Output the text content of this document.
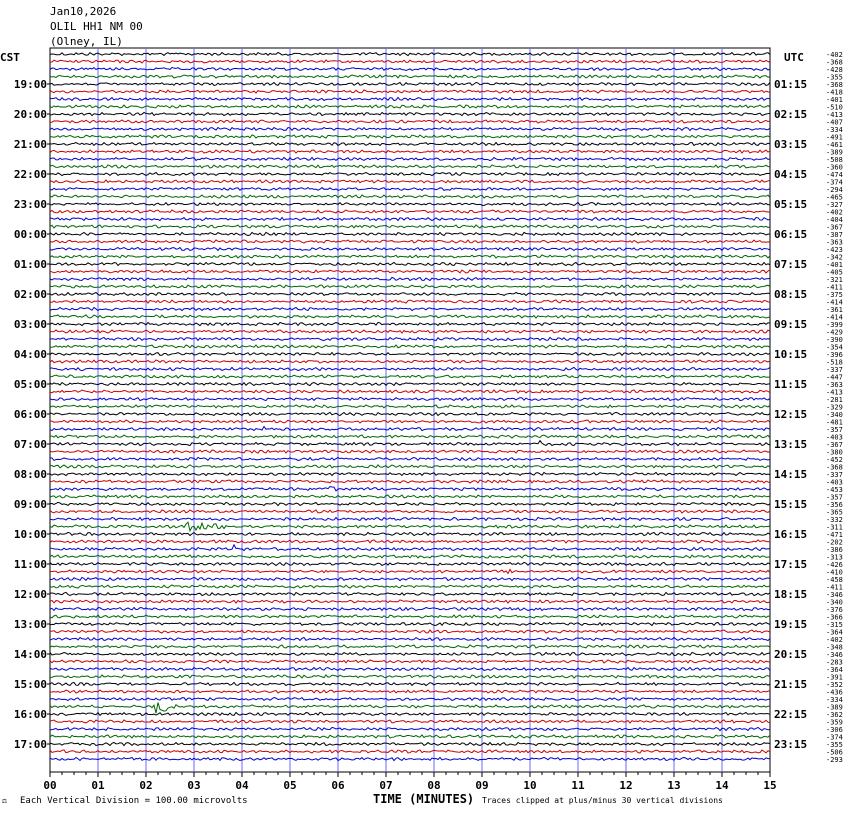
Jan10,2026
OLIL HH1 NM 00
(Olney, IL)
00	01	02	03	04	05	06	07	08	09	10	11	12	13	14	15
CST	UTC
19:00
20:00
21:00
22:00
23:00
00:00
01:00
02:00
03:00
04:00
05:00
06:00
07:00
08:00
09:00
10:00
11:00
12:00
13:00
14:00
15:00
16:00
17:00
01:15
02:15
03:15
04:15
05:15
06:15
07:15
08:15
09:15
10:15
11:15
12:15
13:15
14:15
15:15
16:15
17:15
18:15
19:15
20:15
21:15
22:15
23:15
-402
-368
-428
-355
-368
-418
-401
-510
-413
-407
-334
-491
-461
-389
-508
-360
-474
-374
-294
-465
-327
-402
-404
-367
-387
-363
-423
-342
-401
-405
-321
-411
-375
-414
-361
-414
-399
-429
-390
-354
-396
-518
-337
-447
-363
-413
-281
-329
-340
-481
-357
-403
-367
-380
-452
-368
-337
-403
-453
-357
-356
-365
-332
-311
-471
-202
-386
-313
-426
-410
-458
-411
-346
-340
-376
-366
-315
-364
-402
-348
-346
-283
-364
-391
-352
-436
-334
-389
-362
-359
-306
-374
-355
-506
-293
TIME (MINUTES)
⚖ Each Vertical Division = 100.00 microvolts	Traces clipped at plus/minus 30 vertical divisions
